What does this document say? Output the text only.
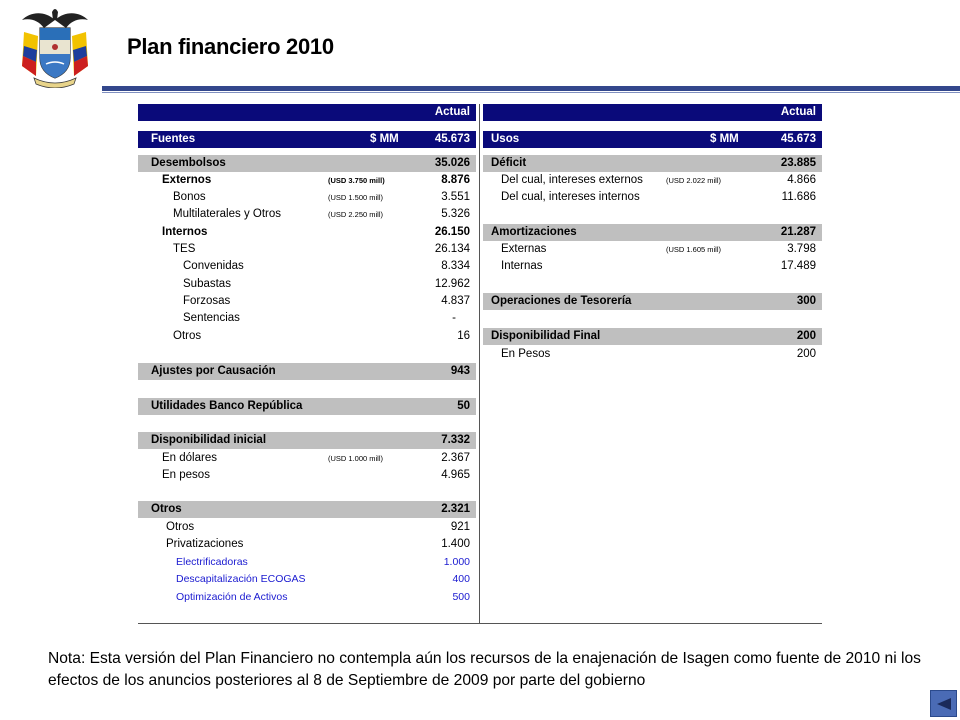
Plan financiero 2010
Actual
Fuentes	$ MM	45.673
Desembolsos	35.026
Externos	(USD 3.750 mill)	8.876
Bonos	(USD 1.500 mill)	3.551
Multilaterales y Otros	(USD 2.250 mill)	5.326
Internos	26.150
TES	26.134
Convenidas	8.334
Subastas	12.962
Forzosas	4.837
Sentencias	-
Otros	16
Ajustes por Causación	943
Utilidades Banco República	50
Disponibilidad inicial	7.332
En dólares	(USD 1.000 mill)	2.367
En pesos	4.965
Otros	2.321
Otros	921
Privatizaciones	1.400
Electrificadoras	1.000
Descapitalización ECOGAS	400
Optimización de Activos	500
Actual
Usos	$ MM	45.673
Déficit	23.885
Del cual, intereses externos	(USD 2.022 mill)	4.866
Del cual, intereses internos	11.686
Amortizaciones	21.287
Externas	(USD 1.605 mill)	3.798
Internas	17.489
Operaciones de Tesorería	300
Disponibilidad Final	200
En Pesos	200
Nota: Esta versión del Plan Financiero no contempla aún los recursos de la enajenación de Isagen como fuente de 2010 ni los efectos de los anuncios posteriores al 8 de Septiembre de 2009 por parte del gobierno
